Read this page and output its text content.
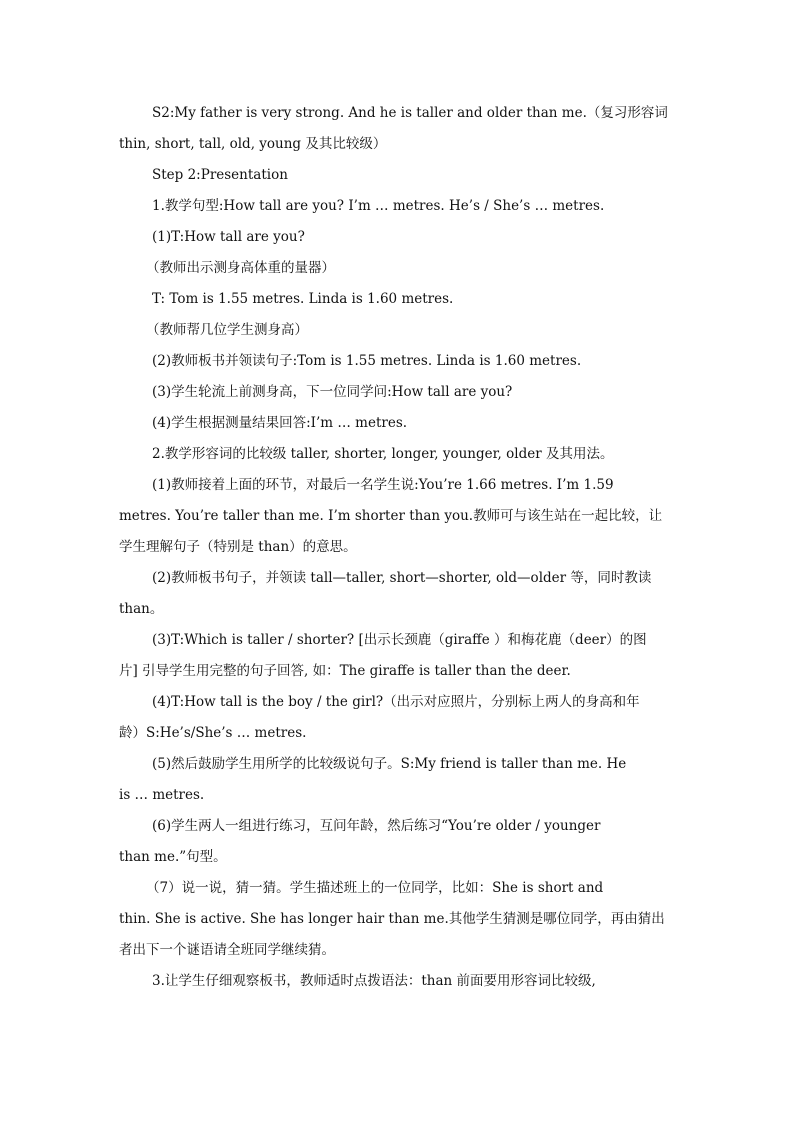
S2:My father is very strong. And he is taller and older than me.（复习形容词
thin, short, tall, old, young 及其比较级）
Step 2:Presentation
1.教学句型:How tall are you? I’m … metres. He’s / She’s … metres.
(1)T:How tall are you?
（教师出示测身高体重的量器）
T: Tom is 1.55 metres. Linda is 1.60 metres.
（教师帮几位学生测身高）
(2)教师板书并领读句子:Tom is 1.55 metres. Linda is 1.60 metres.
(3)学生轮流上前测身高，下一位同学问:How tall are you?
(4)学生根据测量结果回答:I’m … metres.
2.教学形容词的比较级 taller, shorter, longer, younger, older 及其用法。
(1)教师接着上面的环节，对最后一名学生说:You’re 1.66 metres. I’m 1.59
metres. You’re taller than me. I’m shorter than you.教师可与该生站在一起比较，让
学生理解句子（特别是 than）的意思。
(2)教师板书句子，并领读 tall—taller, short—shorter, old—older 等，同时教读
than。
(3)T:Which is taller / shorter? [出示长颈鹿（giraffe ）和梅花鹿（deer）的图
片] 引导学生用完整的句子回答, 如：The giraffe is taller than the deer.
(4)T:How tall is the boy / the girl?（出示对应照片，分别标上两人的身高和年
龄）S:He’s/She’s … metres.
(5)然后鼓励学生用所学的比较级说句子。S:My friend is taller than me. He
is … metres.
(6)学生两人一组进行练习，互问年龄，然后练习“You’re older / younger
than me.”句型。
（7）说一说，猜一猜。学生描述班上的一位同学，比如：She is short and
thin. She is active. She has longer hair than me.其他学生猜测是哪位同学，再由猜出
者出下一个谜语请全班同学继续猜。
3.让学生仔细观察板书，教师适时点拨语法：than 前面要用形容词比较级,
